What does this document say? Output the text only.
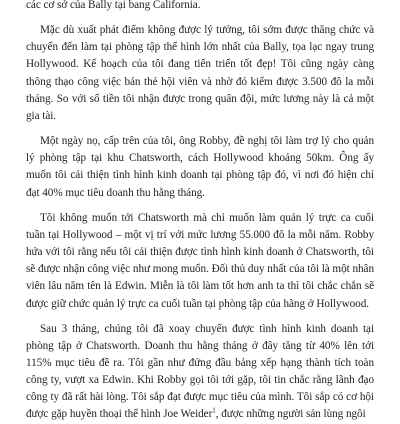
các cơ sở của Bally tại bang California.

Mặc dù xuất phát điểm không được lý tưởng, tôi sớm được thăng chức và chuyển đến làm tại phòng tập thể hình lớn nhất của Bally, tọa lạc ngay trung Hollywood. Kế hoạch của tôi đang tiến triển tốt đẹp! Tôi cũng ngày càng thông thạo công việc bán thẻ hội viên và nhờ đó kiếm được 3.500 đô la mỗi tháng. So với số tiền tôi nhận được trong quân đội, mức lương này là cả một gia tài.

Một ngày nọ, cấp trên của tôi, ông Robby, đề nghị tôi làm trợ lý cho quản lý phòng tập tại khu Chatsworth, cách Hollywood khoảng 50km. Ông ấy muốn tôi cải thiện tình hình kinh doanh tại phòng tập đó, vì nơi đó hiện chỉ đạt 40% mục tiêu doanh thu hằng tháng.

Tôi không muốn tới Chatsworth mà chỉ muốn làm quản lý trực ca cuối tuần tại Hollywood – một vị trí với mức lương 55.000 đô la mỗi năm. Robby hứa với tôi rằng nếu tôi cải thiện được tình hình kinh doanh ở Chatsworth, tôi sẽ được nhận công việc như mong muốn. Đối thủ duy nhất của tôi là một nhân viên lâu năm tên là Edwin. Miễn là tôi làm tốt hơn anh ta thì tôi chắc chắn sẽ được giữ chức quản lý trực ca cuối tuần tại phòng tập của hãng ở Hollywood.

Sau 3 tháng, chúng tôi đã xoay chuyển được tình hình kinh doanh tại phòng tập ở Chatsworth. Doanh thu hằng tháng ở đây tăng từ 40% lên tới 115% mục tiêu đề ra. Tôi gần như đứng đầu bảng xếp hạng thành tích toàn công ty, vượt xa Edwin. Khi Robby gọi tôi tới gặp, tôi tin chắc rằng lãnh đạo công ty đã rất hài lòng. Tôi sắp đạt được mục tiêu của mình. Tôi sắp có cơ hội được gặp huyền thoại thể hình Joe Weider$^1$, được những người sản lùng ngôi
